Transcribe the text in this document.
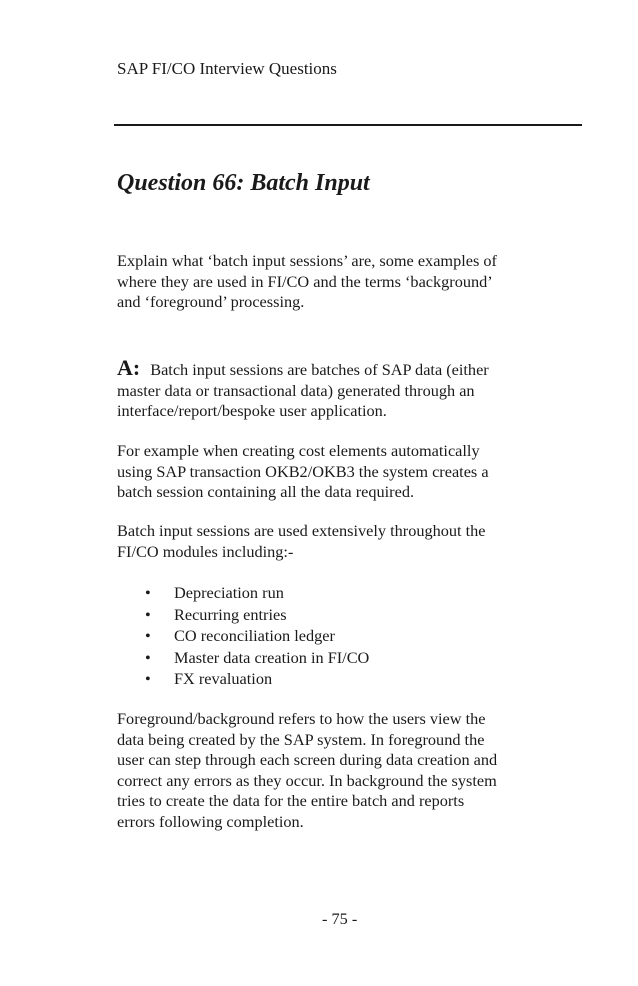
SAP FI/CO Interview Questions
Question 66: Batch Input
Explain what ‘batch input sessions’ are, some examples of
where they are used in FI/CO and the terms ‘background’
and ‘foreground’ processing.
A: Batch input sessions are batches of SAP data (either
master data or transactional data) generated through an
interface/report/bespoke user application.
For example when creating cost elements automatically
using SAP transaction OKB2/OKB3 the system creates a
batch session containing all the data required.
Batch input sessions are used extensively throughout the
FI/CO modules including:-
• Depreciation run
• Recurring entries
• CO reconciliation ledger
• Master data creation in FI/CO
• FX revaluation
Foreground/background refers to how the users view the
data being created by the SAP system. In foreground the
user can step through each screen during data creation and
correct any errors as they occur. In background the system
tries to create the data for the entire batch and reports
errors following completion.
- 75 -
